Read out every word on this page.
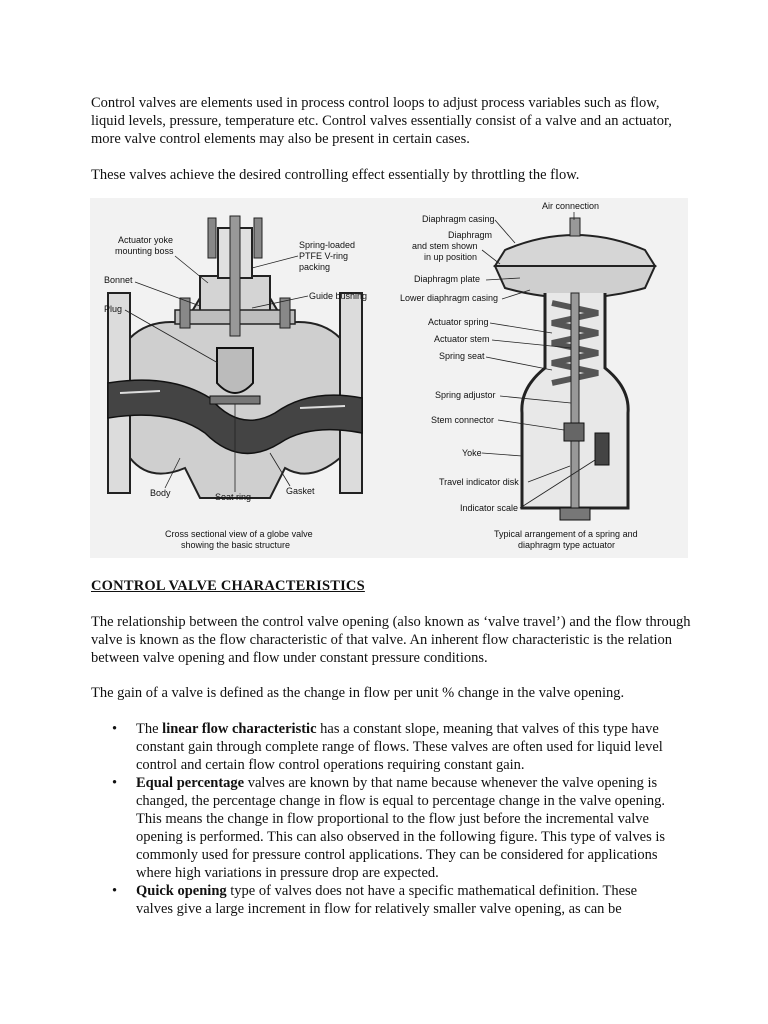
Control valves are elements used in process control loops to adjust process variables such as flow, liquid levels, pressure, temperature etc. Control valves essentially consist of a valve and an actuator, more valve control elements may also be present in certain cases.

These valves achieve the desired controlling effect essentially by throttling the flow.

Actuator yoke
mounting boss
Bonnet
Plug
Spring-loaded
PTFE V-ring
packing
Guide bushing
Body	Seat ring
Gasket
Cross sectional view of a globe valve
showing the basic structure
Air connection
Diaphragm casing
Diaphragm
and stem shown
in up position
Diaphragm plate
Lower diaphragm casing
Actuator spring
Actuator stem
Spring seat
Spring adjustor
Stem connector
Yoke
Travel indicator disk
Indicator scale
Typical arrangement of a spring and
diaphragm type actuator
CONTROL VALVE CHARACTERISTICS

The relationship between the control valve opening (also known as ‘valve travel’) and the flow through valve is known as the flow characteristic of that valve. An inherent flow characteristic is the relation between valve opening and flow under constant pressure conditions.

The gain of a valve is defined as the change in flow per unit % change in the valve opening.

• The linear flow characteristic has a constant slope, meaning that valves of this type have constant gain through complete range of flows. These valves are often used for liquid level control and certain flow control operations requiring constant gain.
• Equal percentage valves are known by that name because whenever the valve opening is changed, the percentage change in flow is equal to percentage change in the valve opening. This means the change in flow proportional to the flow just before the incremental valve opening is performed. This can also observed in the following figure. This type of valves is commonly used for pressure control applications. They can be considered for applications where high variations in pressure drop are expected.
• Quick opening type of valves does not have a specific mathematical definition. These valves give a large increment in flow for relatively smaller valve opening, as can be
